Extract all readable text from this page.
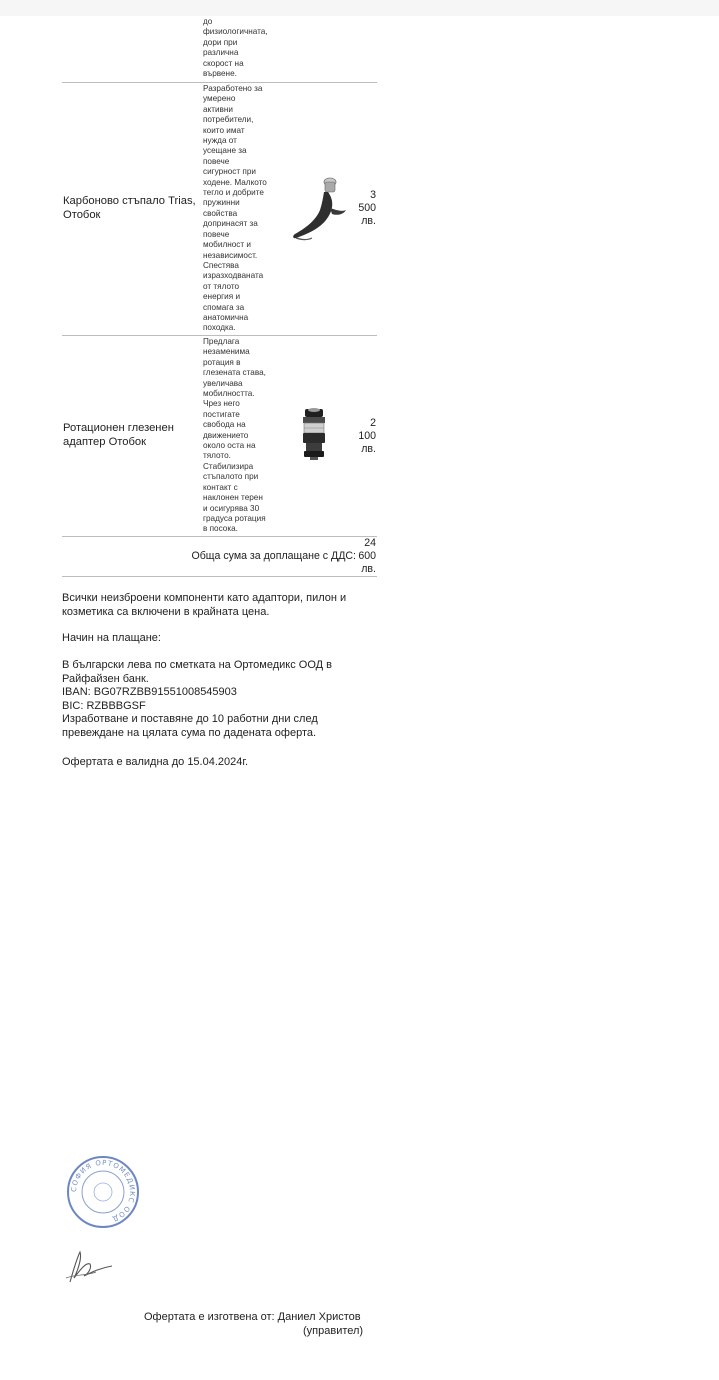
до
физиологичната,
дори при
различна
скорост на
вървене.
Карбоново стъпало Trias,
Отобок
Разработено за
умерено
активни
потребители,
които имат
нужда от
усещане за
повече
сигурност при
ходене. Малкото
тегло и добрите
пружинни
свойства
допринасят за
повече
мобилност и
независимост.
Спестява
изразходваната
от тялото
енергия и
спомага за
анатомична
походка.
3
500
лв.
Ротационен глезенен
адаптер Отобок
Предлага
незаменима
ротация в
глезената става,
увеличава
мобилността.
Чрез него
постигате
свобода на
движението
около оста на
тялото.
Стабилизира
стъпалото при
контакт с
наклонен терен
и осигурява 30
градуса ротация
в посока.
2
100
лв.
Обща сума за доплащане с ДДС:
24
600
лв.
Всички неизброени компоненти като адаптори, пилон и
козметика са включени в крайната цена.
Начин на плащане:
В български лева по сметката на Ортомедикс ООД в
Райфайзен банк.
IBAN: BG07RZBB91551008545903
BIC: RZBBBGSF
Изработване и поставяне до 10 работни дни след
превеждане на цялата сума по дадената оферта.
Офертата е валидна до 15.04.2024г.
СОФИЯ ОРТОМЕДИКС ООД
Офертата е изготвена от: Даниел Христов
(управител)
